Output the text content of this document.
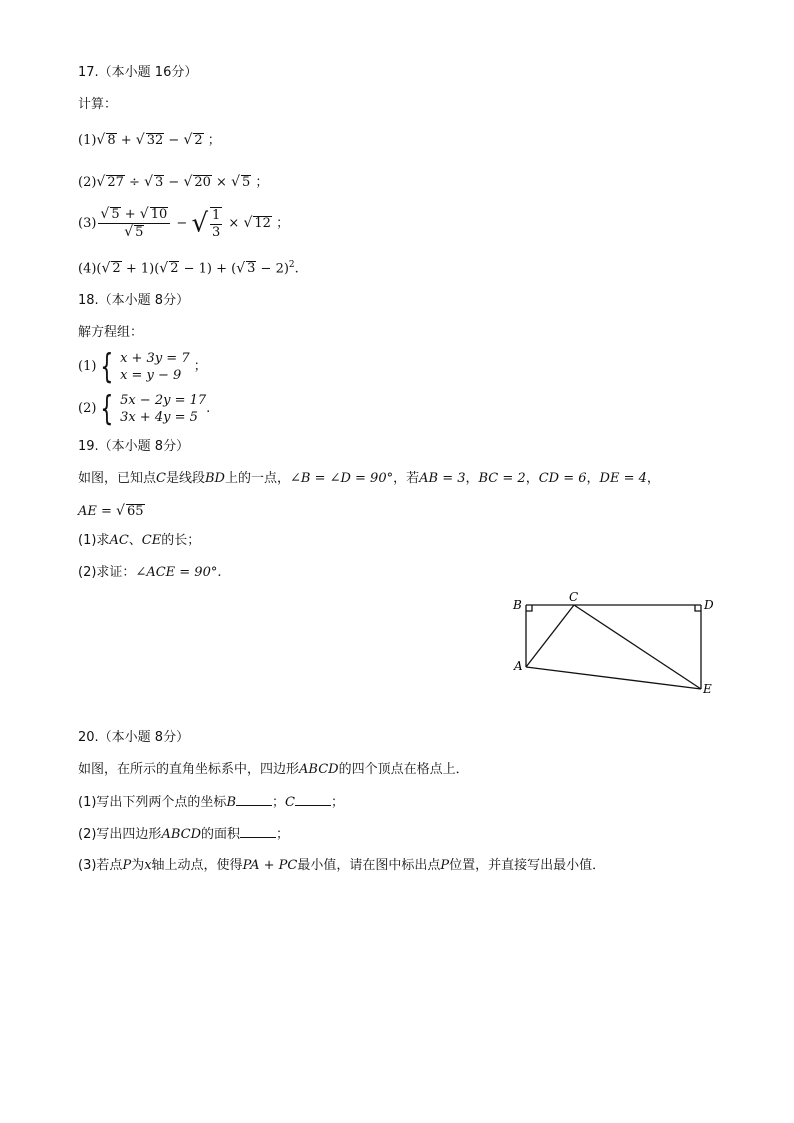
17.（本小题 16分）
计算：
(1)√ 8 + √ 32 − √ 2 ；
(2)√ 27 ÷ √ 3 − √ 20 × √ 5 ；
$(3) \frac{√ 5 + √ 10}{√ 5}$ − √ $\frac{1}{3}$ × √ 12 ；
(4)(√ 2 + 1)(√ 2 − 1) + (√ 3 − 2)$^2$.
18.（本小题 8分）
解方程组：
(1) { x + 3y = 7
x = y − 9
；
(2) { 5x − 2y = 17
3x + 4y = 5
.
19.（本小题 8分）
如图，已知点C是线段BD上的一点，∠B = ∠D = 90°，若AB = 3，BC = 2，CD = 6，DE = 4，
AE = √ 65
(1)求AC、CE的长；
(2)求证：∠ACE = 90°.
B
C
D
A
E
20.（本小题 8分）
如图，在所示的直角坐标系中，四边形ABCD的四个顶点在格点上．
(1)写出下列两个点的坐标B	；C	；
(2)写出四边形ABCD的面积	；
(3)若点P为x轴上动点，使得PA + PC最小值，请在图中标出点P位置，并直接写出最小值．
